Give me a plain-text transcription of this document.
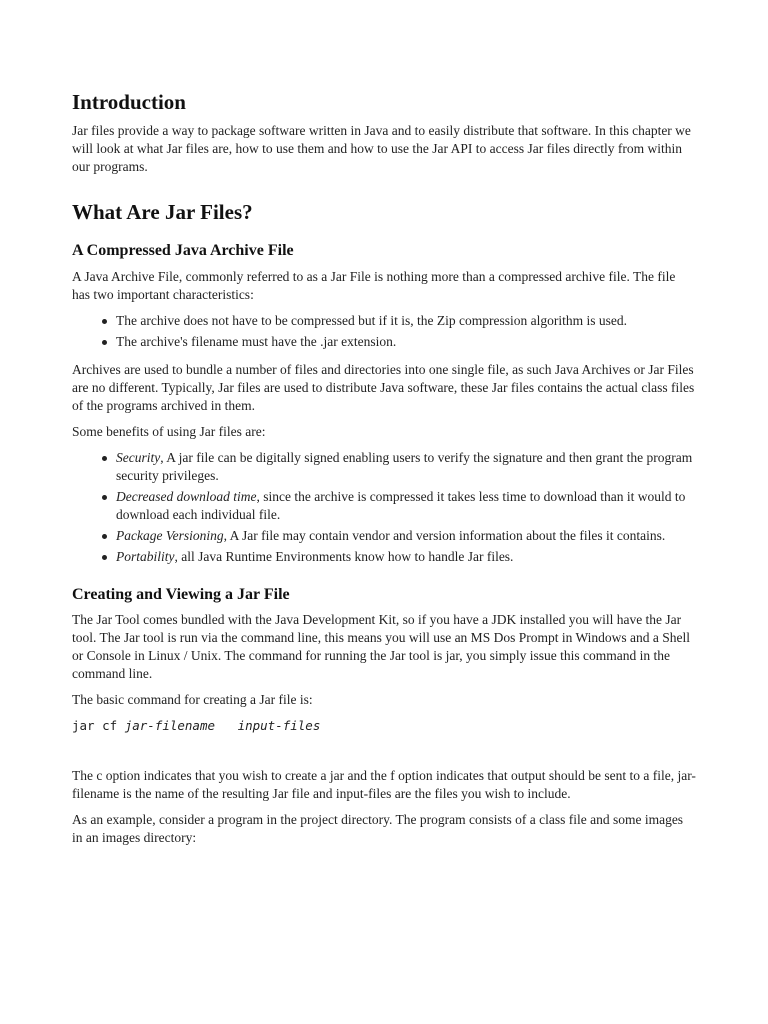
Introduction

Jar files provide a way to package software written in Java and to easily distribute that software. In this chapter we will look at what Jar files are, how to use them and how to use the Jar API to access Jar files directly from within our programs.

What Are Jar Files?
A Compressed Java Archive File

A Java Archive File, commonly referred to as a Jar File is nothing more than a compressed archive file. The file has two important characteristics:

The archive does not have to be compressed but if it is, the Zip compression algorithm is used.
The archive's filename must have the .jar extension.

Archives are used to bundle a number of files and directories into one single file, as such Java Archives or Jar Files are no different. Typically, Jar files are used to distribute Java software, these Jar files contains the actual class files of the programs archived in them.

Some benefits of using Jar files are:

Security, A jar file can be digitally signed enabling users to verify the signature and then grant the program security privileges.
Decreased download time, since the archive is compressed it takes less time to download than it would to download each individual file.
Package Versioning, A Jar file may contain vendor and version information about the files it contains.
Portability, all Java Runtime Environments know how to handle Jar files.
Creating and Viewing a Jar File

The Jar Tool comes bundled with the Java Development Kit, so if you have a JDK installed you will have the Jar tool. The Jar tool is run via the command line, this means you will use an MS Dos Prompt in Windows and a Shell or Console in Linux / Unix. The command for running the Jar tool is jar, you simply issue this command in the command line.

The basic command for creating a Jar file is:

jar cf jar-filename input-files

The c option indicates that you wish to create a jar and the f option indicates that output should be sent to a file, jar-filename is the name of the resulting Jar file and input-files are the files you wish to include.

As an example, consider a program in the project directory. The program consists of a class file and some images in an images directory:
